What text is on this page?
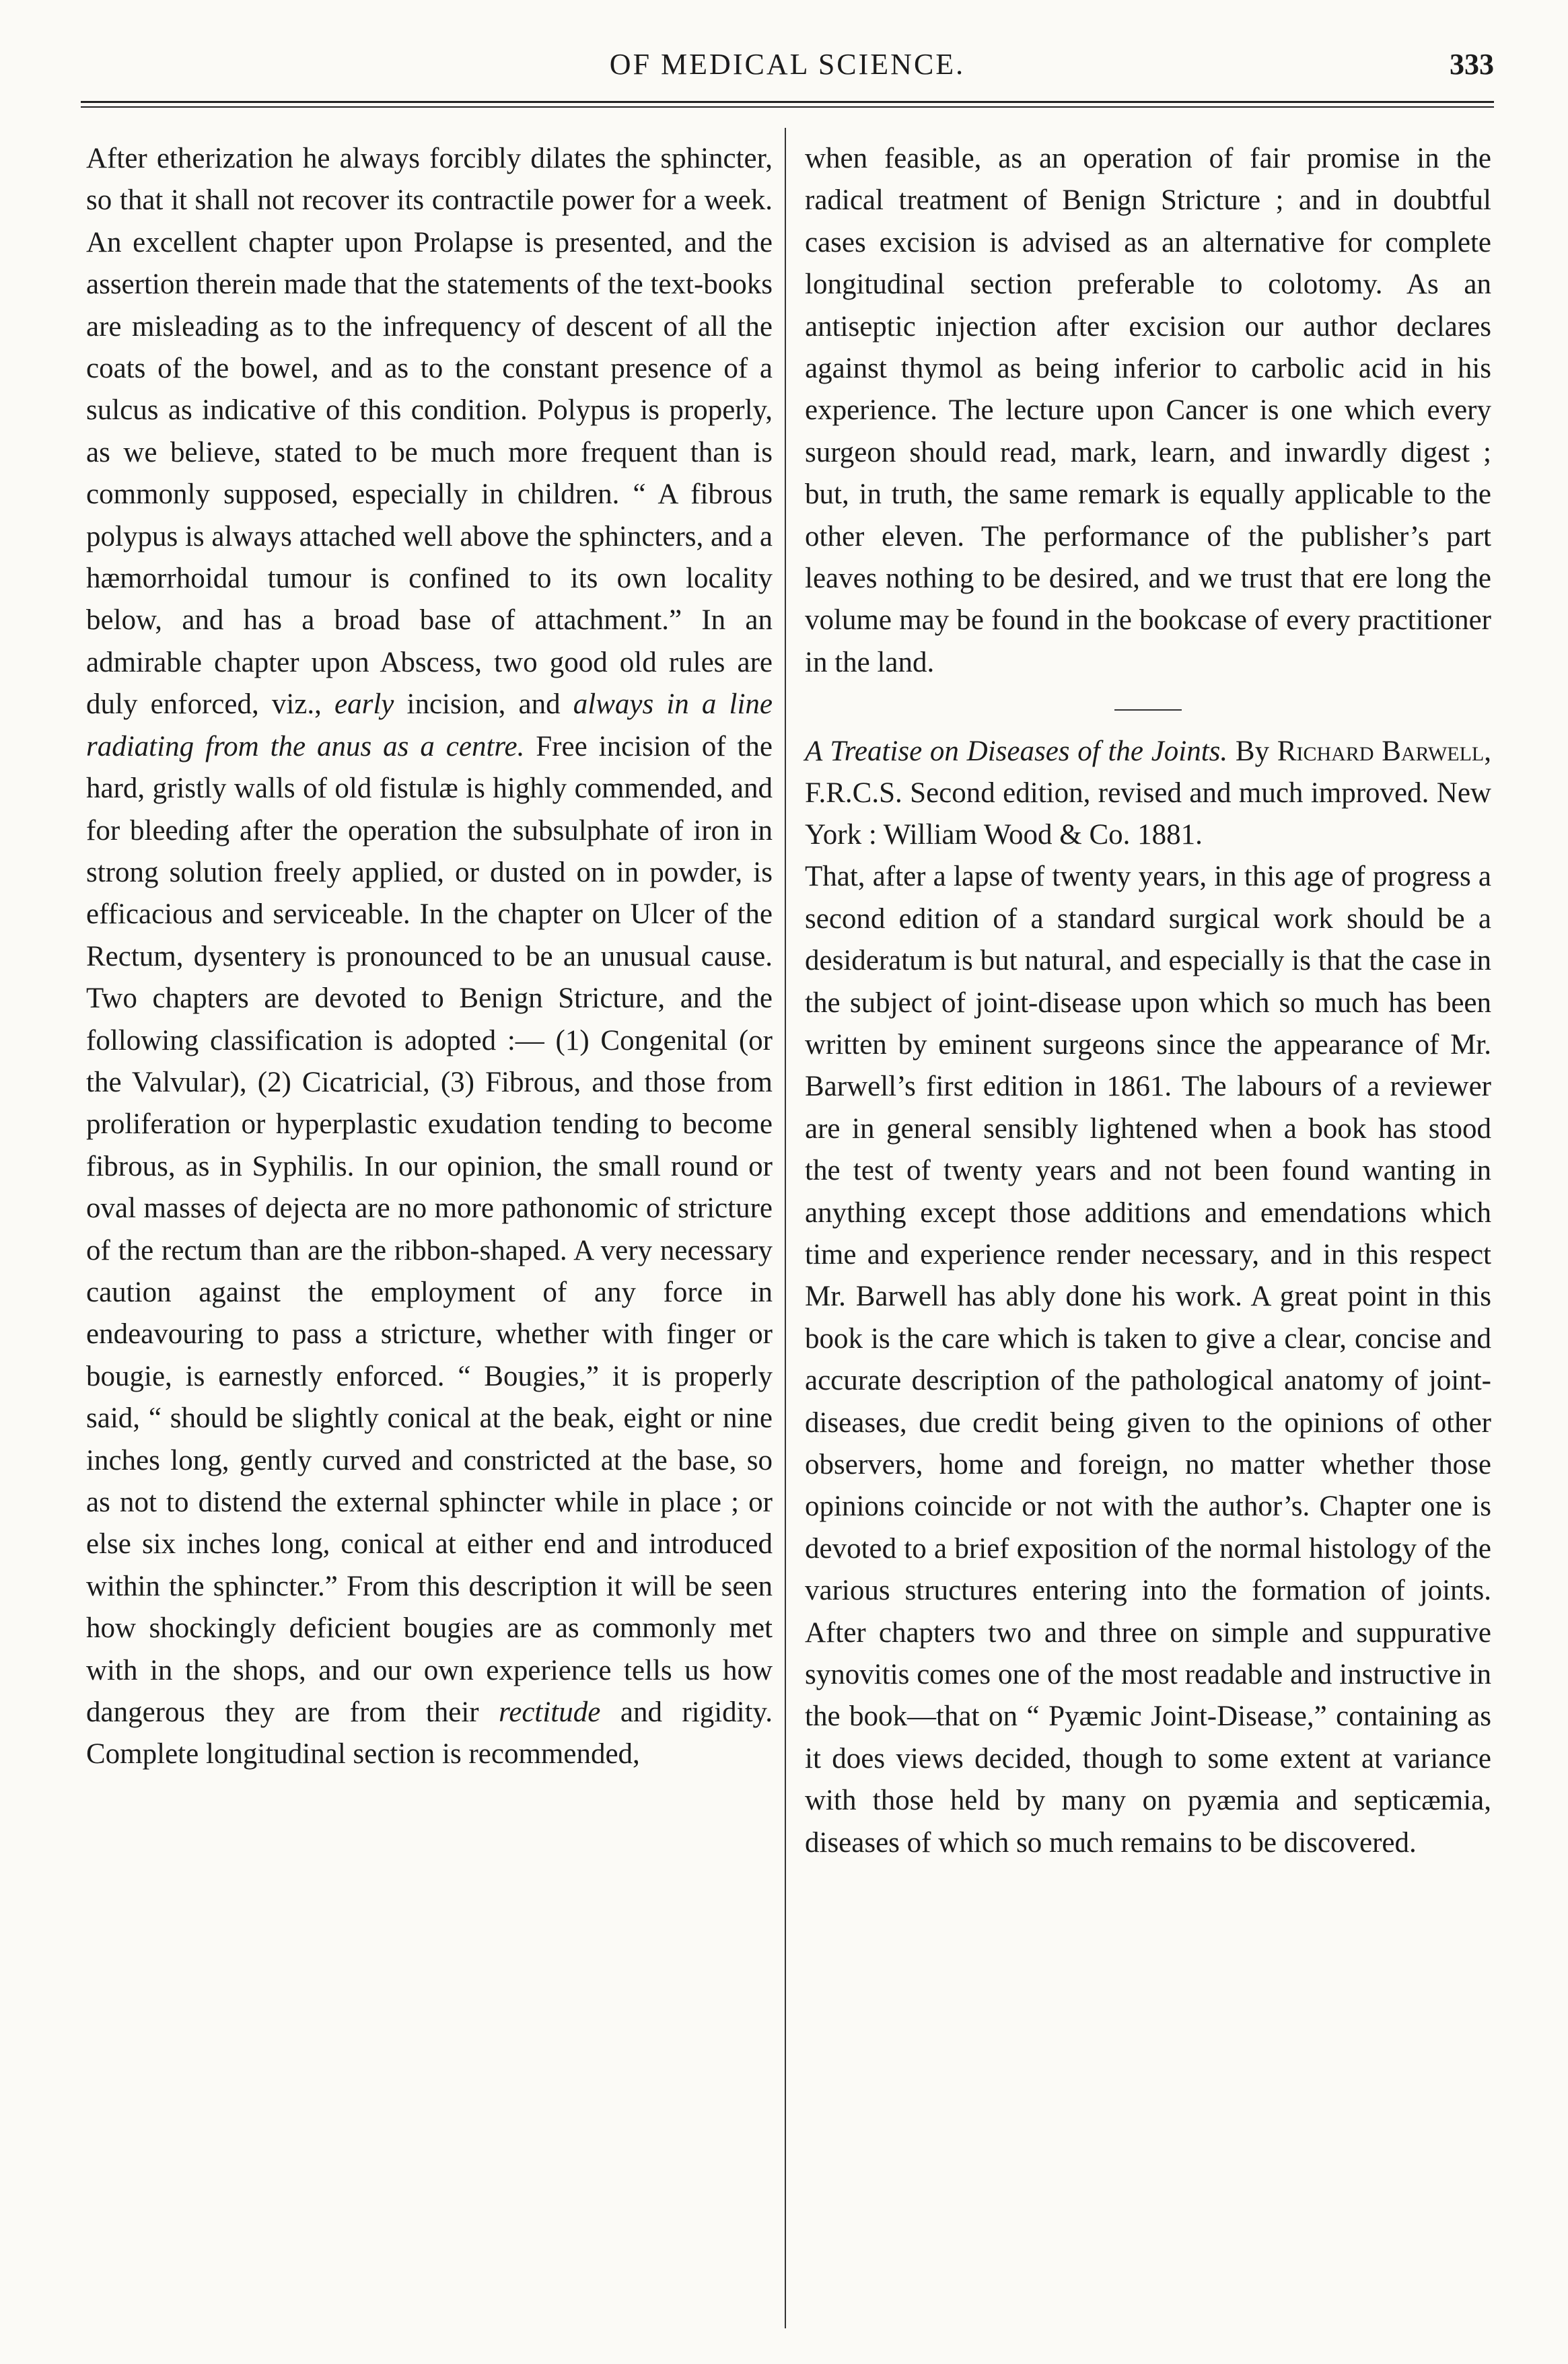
OF MEDICAL SCIENCE.	333

After etherization he always forcibly dilates the sphincter, so that it shall not recover its contractile power for a week. An excellent chapter upon Prolapse is presented, and the assertion therein made that the statements of the text-books are misleading as to the infrequency of descent of all the coats of the bowel, and as to the constant presence of a sulcus as indicative of this condition. Polypus is properly, as we believe, stated to be much more frequent than is commonly supposed, especially in children. “ A fibrous polypus is always attached well above the sphincters, and a hæmorrhoidal tumour is confined to its own locality below, and has a broad base of attachment.” In an admirable chapter upon Abscess, two good old rules are duly enforced, viz., early incision, and always in a line radiating from the anus as a centre. Free incision of the hard, gristly walls of old fistulæ is highly commended, and for bleeding after the operation the subsulphate of iron in strong solution freely applied, or dusted on in powder, is efficacious and serviceable. In the chapter on Ulcer of the Rectum, dysentery is pronounced to be an unusual cause. Two chapters are devoted to Benign Stricture, and the following classification is adopted :— (1) Congenital (or the Valvular), (2) Cicatricial, (3) Fibrous, and those from proliferation or hyperplastic exudation tending to become fibrous, as in Syphilis. In our opinion, the small round or oval masses of dejecta are no more pathonomic of stricture of the rectum than are the ribbon-shaped. A very necessary caution against the employment of any force in endeavouring to pass a stricture, whether with finger or bougie, is earnestly enforced. “ Bougies,” it is properly said, “ should be slightly conical at the beak, eight or nine inches long, gently curved and constricted at the base, so as not to distend the external sphincter while in place ; or else six inches long, conical at either end and introduced within the sphincter.” From this description it will be seen how shockingly deficient bougies are as commonly met with in the shops, and our own experience tells us how dangerous they are from their rectitude and rigidity. Complete longitudinal section is recommended,

when feasible, as an operation of fair promise in the radical treatment of Benign Stricture ; and in doubtful cases excision is advised as an alternative for complete longitudinal section preferable to colotomy. As an antiseptic injection after excision our author declares against thymol as being inferior to carbolic acid in his experience. The lecture upon Cancer is one which every surgeon should read, mark, learn, and inwardly digest ; but, in truth, the same remark is equally applicable to the other eleven. The performance of the publisher’s part leaves nothing to be desired, and we trust that ere long the volume may be found in the bookcase of every practitioner in the land.

A Treatise on Diseases of the Joints. By Richard Barwell, F.R.C.S. Second edition, revised and much improved. New York : William Wood & Co. 1881.

That, after a lapse of twenty years, in this age of progress a second edition of a standard surgical work should be a desideratum is but natural, and especially is that the case in the subject of joint-disease upon which so much has been written by eminent surgeons since the appearance of Mr. Barwell’s first edition in 1861. The labours of a reviewer are in general sensibly lightened when a book has stood the test of twenty years and not been found wanting in anything except those additions and emendations which time and experience render necessary, and in this respect Mr. Barwell has ably done his work. A great point in this book is the care which is taken to give a clear, concise and accurate description of the pathological anatomy of joint-diseases, due credit being given to the opinions of other observers, home and foreign, no matter whether those opinions coincide or not with the author’s. Chapter one is devoted to a brief exposition of the normal histology of the various structures entering into the formation of joints. After chapters two and three on simple and suppurative synovitis comes one of the most readable and instructive in the book—that on “ Pyæmic Joint-Disease,” containing as it does views decided, though to some extent at variance with those held by many on pyæmia and septicæmia, diseases of which so much remains to be discovered.
